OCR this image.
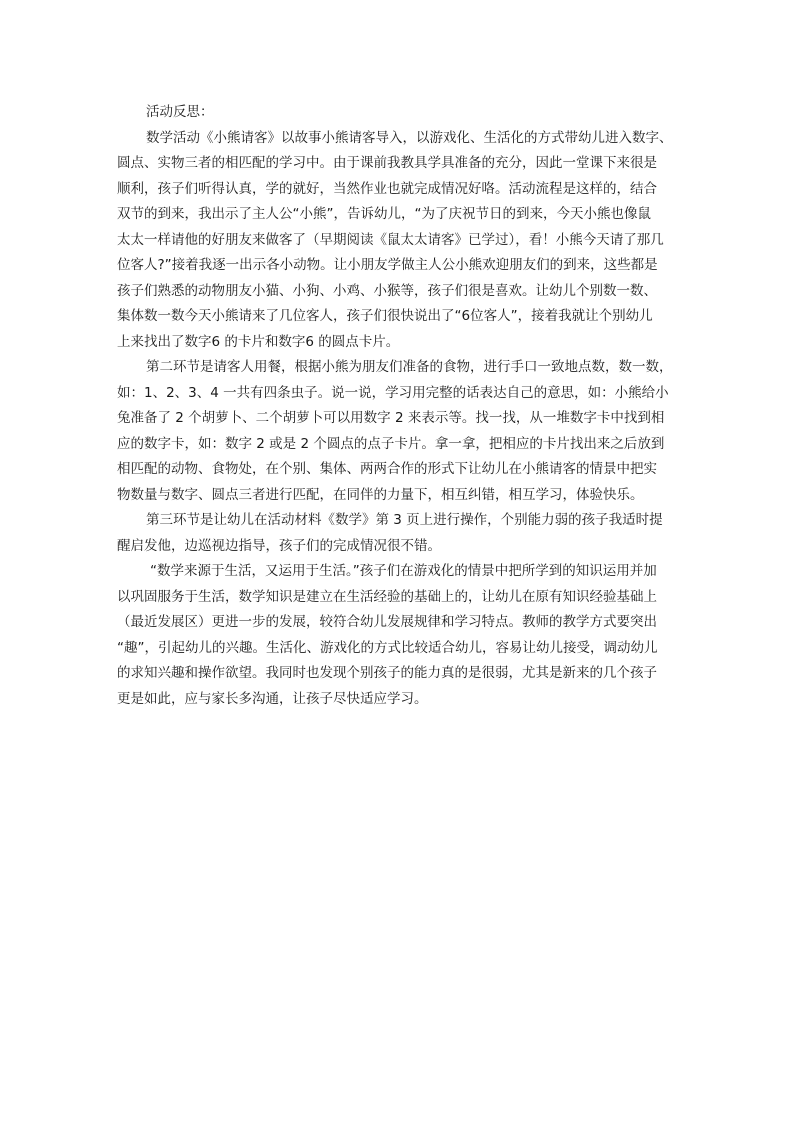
活动反思：

数学活动《小熊请客》以故事小熊请客导入，以游戏化、生活化的方式带幼儿进入数字、
圆点、实物三者的相匹配的学习中。由于课前我教具学具准备的充分，因此一堂课下来很是
顺利，孩子们听得认真，学的就好，当然作业也就完成情况好咯。活动流程是这样的，结合
双节的到来，我出示了主人公“小熊”，告诉幼儿，“为了庆祝节日的到来，今天小熊也像鼠
太太一样请他的好朋友来做客了（早期阅读《鼠太太请客》已学过），看！小熊今天请了那几
位客人?”接着我逐一出示各小动物。让小朋友学做主人公小熊欢迎朋友们的到来，这些都是
孩子们熟悉的动物朋友小猫、小狗、小鸡、小猴等，孩子们很是喜欢。让幼儿个别数一数、
集体数一数今天小熊请来了几位客人，孩子们很快说出了“6位客人”，接着我就让个别幼儿
上来找出了数字6 的卡片和数字6 的圆点卡片。
第二环节是请客人用餐，根据小熊为朋友们准备的食物，进行手口一致地点数，数一数，
如：1、2、3、4 一共有四条虫子。说一说，学习用完整的话表达自己的意思，如：小熊给小
兔准备了 2 个胡萝卜、二个胡萝卜可以用数字 2 来表示等。找一找，从一堆数字卡中找到相
应的数字卡，如：数字 2 或是 2 个圆点的点子卡片。拿一拿，把相应的卡片找出来之后放到
相匹配的动物、食物处，在个别、集体、两两合作的形式下让幼儿在小熊请客的情景中把实
物数量与数字、圆点三者进行匹配，在同伴的力量下，相互纠错，相互学习，体验快乐。
第三环节是让幼儿在活动材料《数学》第 3 页上进行操作，个别能力弱的孩子我适时提
醒启发他，边巡视边指导，孩子们的完成情况很不错。
“数学来源于生活，又运用于生活。”孩子们在游戏化的情景中把所学到的知识运用并加
以巩固服务于生活，数学知识是建立在生活经验的基础上的，让幼儿在原有知识经验基础上
（最近发展区）更进一步的发展，较符合幼儿发展规律和学习特点。教师的教学方式要突出
“趣”，引起幼儿的兴趣。生活化、游戏化的方式比较适合幼儿，容易让幼儿接受，调动幼儿
的求知兴趣和操作欲望。我同时也发现个别孩子的能力真的是很弱，尤其是新来的几个孩子
更是如此，应与家长多沟通，让孩子尽快适应学习。
